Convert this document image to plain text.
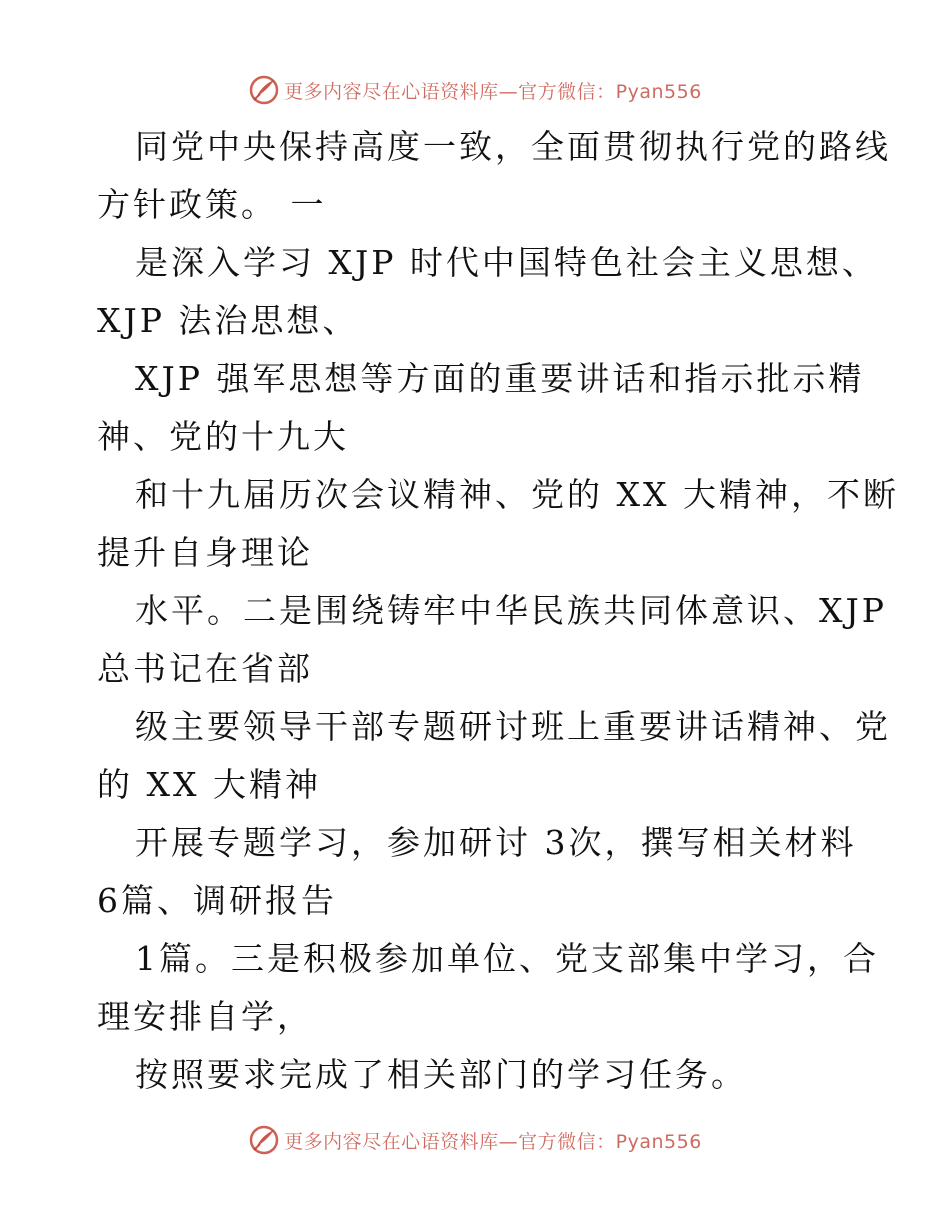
更多内容尽在心语资料库—官方微信：Pyan556
同党中央保持高度一致，全面贯彻执行党的路线
方针政策。 一
是深入学习 XJP 时代中国特色社会主义思想、
XJP 法治思想、
XJP 强军思想等方面的重要讲话和指示批示精
神、党的十九大
和十九届历次会议精神、党的 XX 大精神，不断
提升自身理论
水平。二是围绕铸牢中华民族共同体意识、XJP
总书记在省部
级主要领导干部专题研讨班上重要讲话精神、党
的 XX 大精神
开展专题学习，参加研讨 3次，撰写相关材料
6篇、调研报告
1篇。三是积极参加单位、党支部集中学习，合
理安排自学，
按照要求完成了相关部门的学习任务。
更多内容尽在心语资料库—官方微信：Pyan556
